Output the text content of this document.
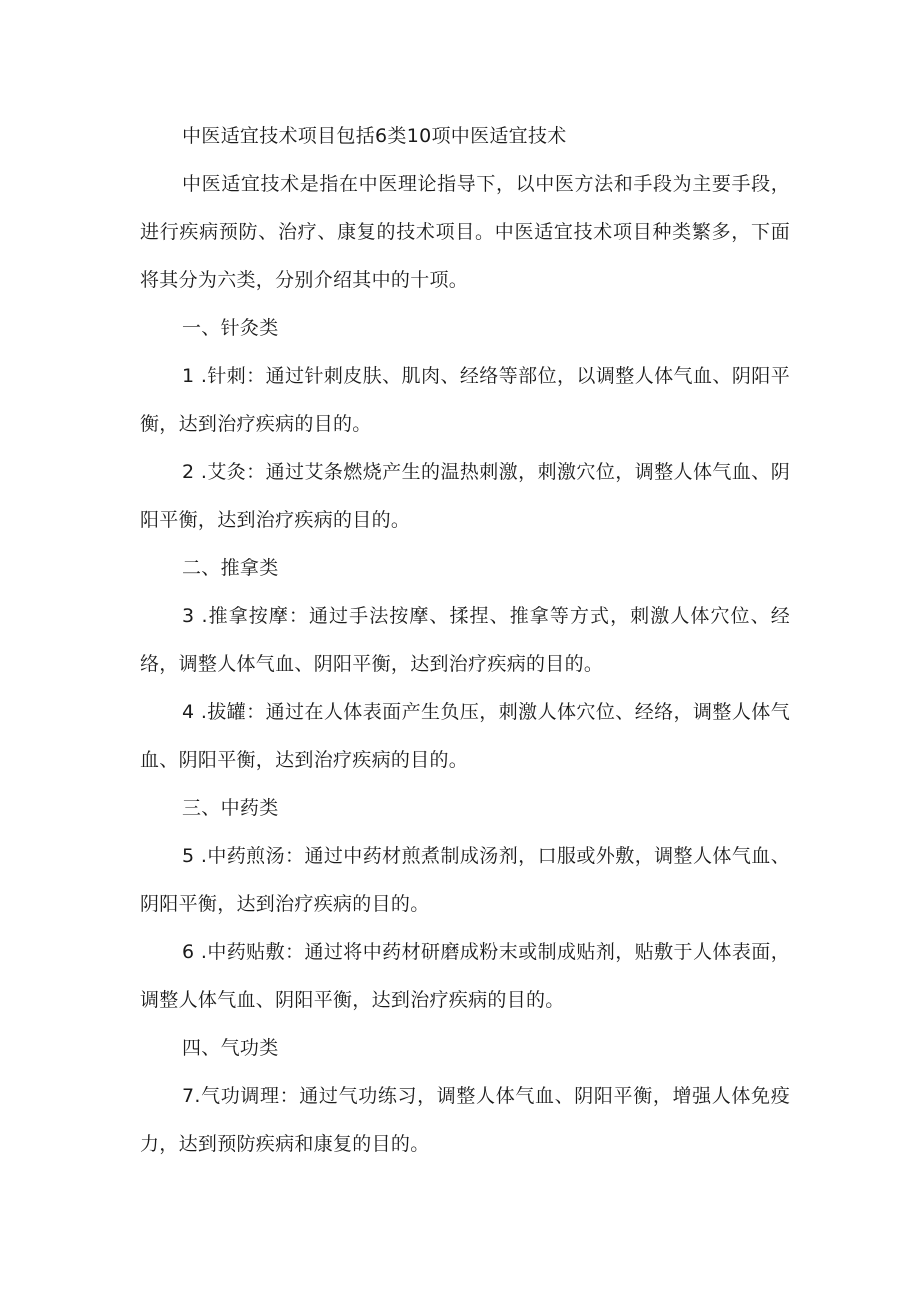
中医适宜技术项目包括6类10项中医适宜技术

中医适宜技术是指在中医理论指导下，以中医方法和手段为主要手段，进行疾病预防、治疗、康复的技术项目。中医适宜技术项目种类繁多，下面将其分为六类，分别介绍其中的十项。

一、针灸类

1 .针刺：通过针刺皮肤、肌肉、经络等部位，以调整人体气血、阴阳平衡，达到治疗疾病的目的。

2 .艾灸：通过艾条燃烧产生的温热刺激，刺激穴位，调整人体气血、阴阳平衡，达到治疗疾病的目的。

二、推拿类

3 .推拿按摩：通过手法按摩、揉捏、推拿等方式，刺激人体穴位、经络，调整人体气血、阴阳平衡，达到治疗疾病的目的。

4 .拔罐：通过在人体表面产生负压，刺激人体穴位、经络，调整人体气血、阴阳平衡，达到治疗疾病的目的。

三、中药类

5 .中药煎汤：通过中药材煎煮制成汤剂，口服或外敷，调整人体气血、阴阳平衡，达到治疗疾病的目的。

6 .中药贴敷：通过将中药材研磨成粉末或制成贴剂，贴敷于人体表面，调整人体气血、阴阳平衡，达到治疗疾病的目的。

四、气功类

7.气功调理：通过气功练习，调整人体气血、阴阳平衡，增强人体免疫力，达到预防疾病和康复的目的。
